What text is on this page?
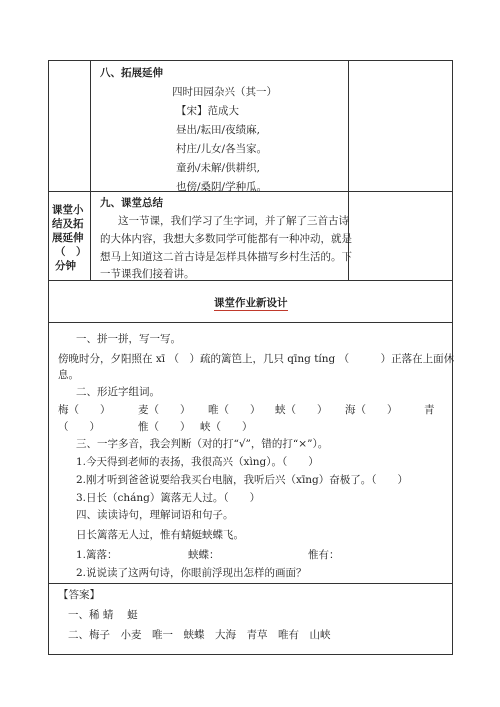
八、拓展延伸
四时田园杂兴（其一）
【宋】范成大
昼出/耘田/夜绩麻,
村庄/儿女/各当家。
童孙/未解/供耕织,
也傍/桑阴/学种瓜。
课堂小
结及拓
展延伸
（　）
分钟
九、课堂总结
这一节课，我们学习了生字词，并了解了三首古诗
的大体内容，我想大多数同学可能都有一种冲动，就是
想马上知道这二首古诗是怎样具体描写乡村生活的。下
一节课我们接着讲。
课堂作业新设计
一、拼一拼，写一写。
傍晚时分，夕阳照在 xī （　）疏的篱笆上，几只 qīng tíng （　　　）正落在上面休
息。
二、形近字组词。
梅（　　）	麦（　　） 唯（　　） 蛱（　　） 海（　　）	青
（　　）	惟（　　） 峡（　　）
三、一字多音，我会判断（对的打“√”，错的打“×”）。
1.今天得到老师的表扬，我很高兴（xìng）。（　　）
2.刚才听到爸爸说要给我买台电脑，我听后兴（xīng）奋极了。（　　）
3.日长（cháng）篱落无人过。（　　）
四、读读诗句，理解词语和句子。
日长篱落无人过，惟有蜻蜓蛱蝶飞。
1.篱落：	蛱蝶：	惟有：
2.说说读了这两句诗，你眼前浮现出怎样的画面？
【答案】
一、稀 蜻　 蜓
二、梅子　小麦　唯一　蛱蝶　大海　青草　唯有　山峡
